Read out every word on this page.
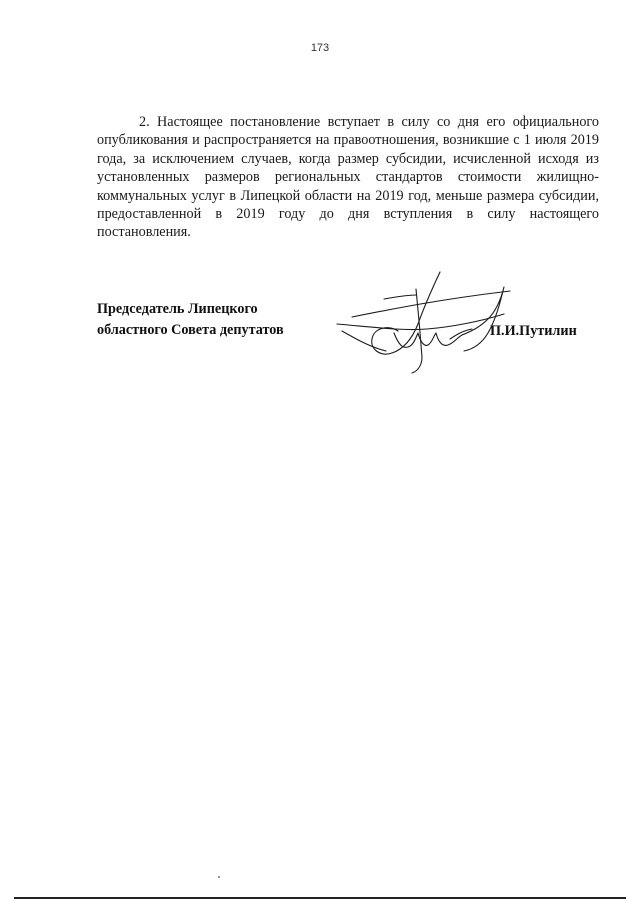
173

2. Настоящее постановление вступает в силу со дня его официального опубликования и распространяется на правоотношения, возникшие с 1 июля 2019 года, за исключением случаев, когда размер субсидии, исчисленной исходя из установленных размеров региональных стандартов стоимости жилищно-коммунальных услуг в Липецкой области на 2019 год, меньше размера субсидии, предоставленной в 2019 году до дня вступления в силу настоящего постановления.

Председатель Липецкого
областного Совета депутатов	П.И.Путилин
